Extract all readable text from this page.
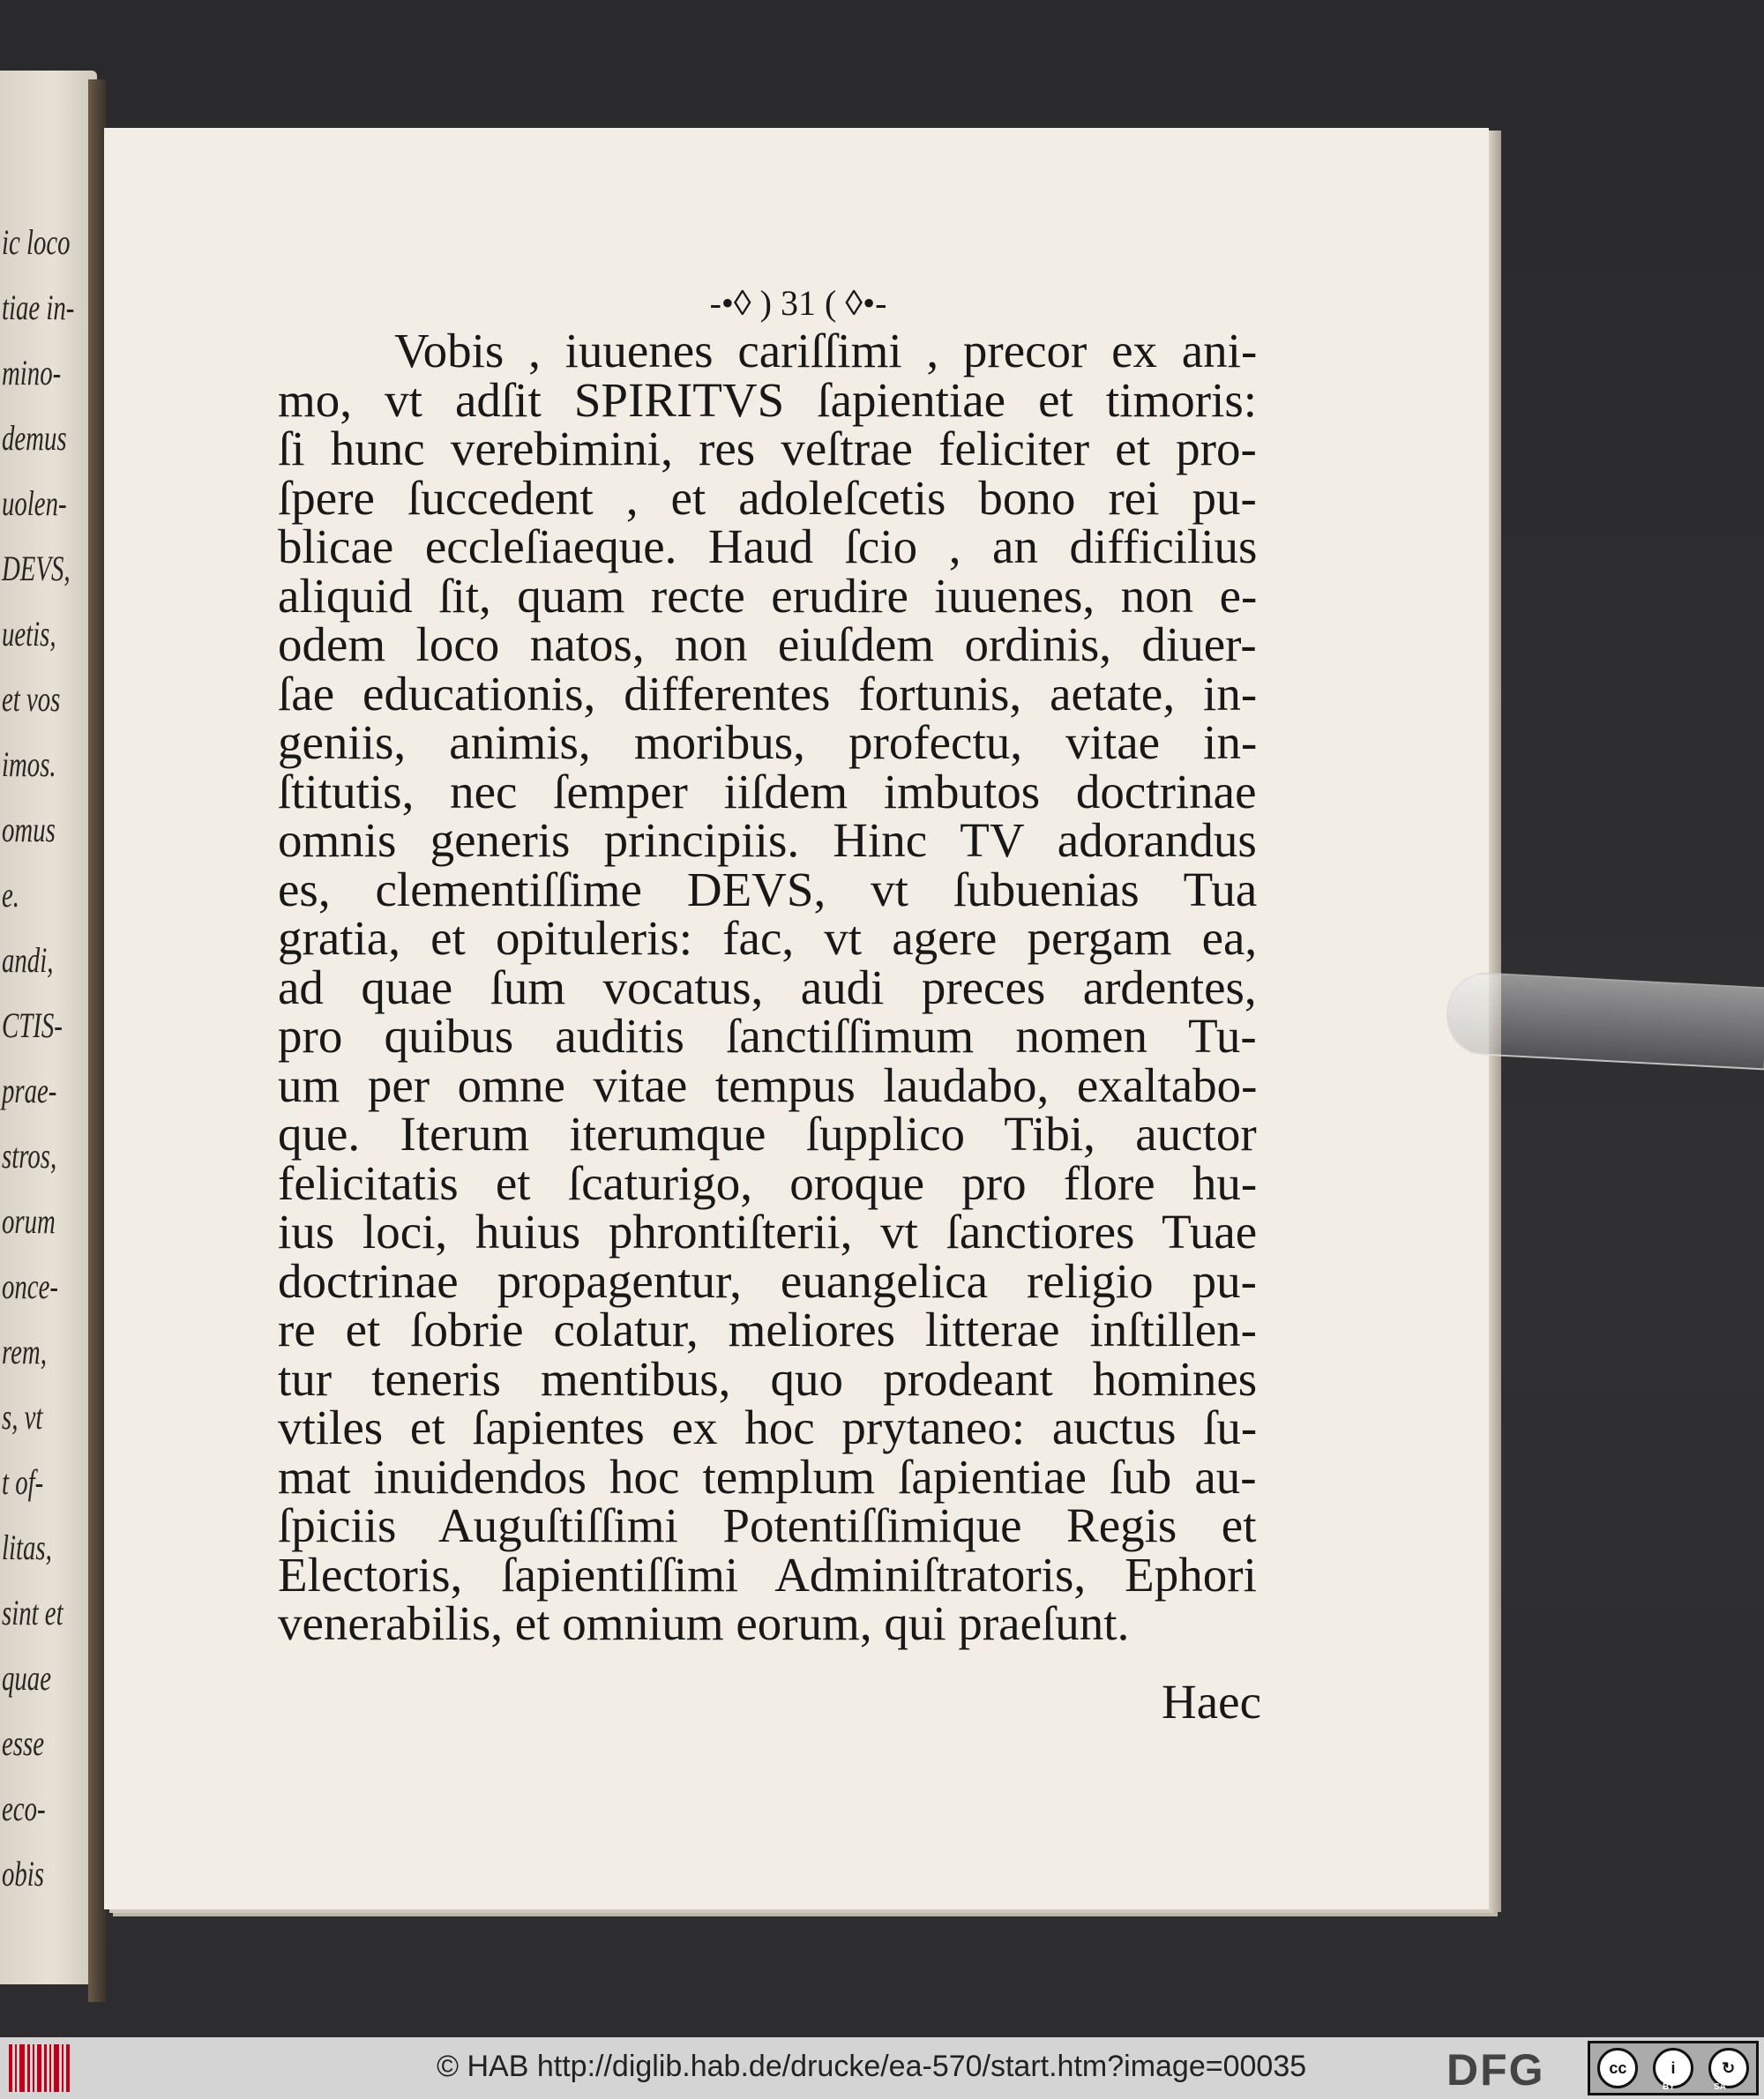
ic loco
tiae in-
mino-
demus
uolen-
DEVS,
uetis,
et vos
imos.
omus
e.
andi,
CTIS-
prae-
stros,
orum
once-
rem,
s, vt
t of-
litas,
sint et
quae
esse
eco-
obis
-•◊ ) 31 ( ◊•-
Vobis , iuuenes cariſſimi , precor ex ani-
mo, vt adſit SPIRITVS ſapientiae et timoris:
ſi hunc verebimini, res veſtrae feliciter et pro-
ſpere ſuccedent , et adoleſcetis bono rei pu-
blicae eccleſiaeque. Haud ſcio , an difficilius
aliquid ſit, quam recte erudire iuuenes, non e-
odem loco natos, non eiuſdem ordinis, diuer-
ſae educationis, differentes fortunis, aetate, in-
geniis, animis, moribus, profectu, vitae in-
ſtitutis, nec ſemper iiſdem imbutos doctrinae
omnis generis principiis. Hinc TV adorandus
es, clementiſſime DEVS, vt ſubuenias Tua
gratia, et opituleris: fac, vt agere pergam ea,
ad quae ſum vocatus, audi preces ardentes,
pro quibus auditis ſanctiſſimum nomen Tu-
um per omne vitae tempus laudabo, exaltabo-
que. Iterum iterumque ſupplico Tibi, auctor
felicitatis et ſcaturigo, oroque pro flore hu-
ius loci, huius phrontiſterii, vt ſanctiores Tuae
doctrinae propagentur, euangelica religio pu-
re et ſobrie colatur, meliores litterae inſtillen-
tur teneris mentibus, quo prodeant homines
vtiles et ſapientes ex hoc prytaneo: auctus ſu-
mat inuidendos hoc templum ſapientiae ſub au-
ſpiciis Auguſtiſſimi Potentiſſimique Regis et
Electoris, ſapientiſſimi Adminiſtratoris, Ephori
venerabilis, et omnium eorum, qui praeſunt.
Haec
© HAB http://diglib.hab.de/drucke/ea-570/start.htm?image=00035	DFG	cc	i	↻
BY	SA
